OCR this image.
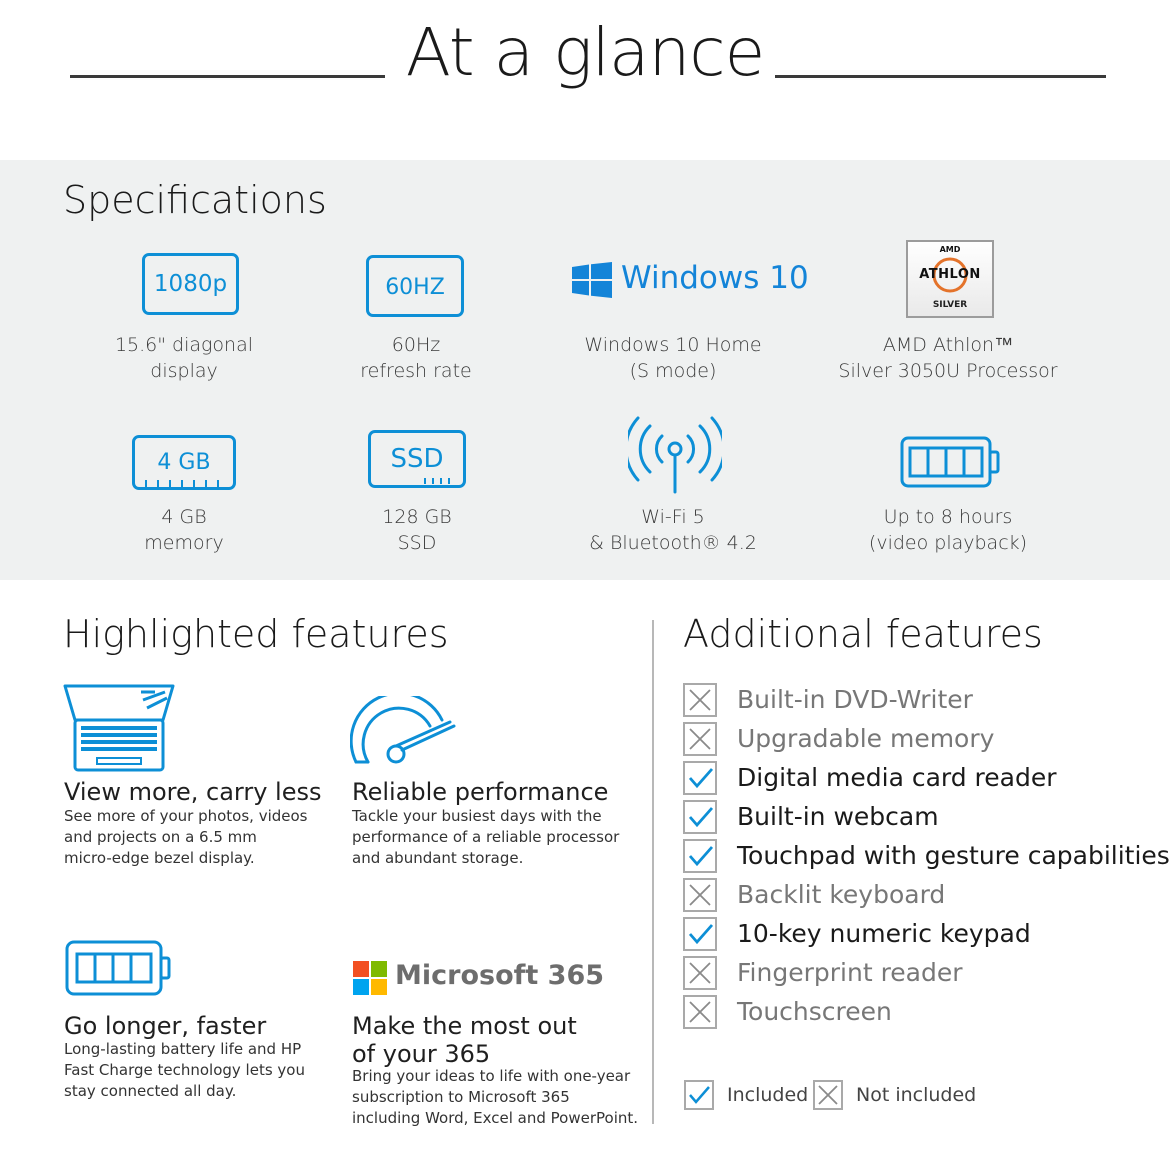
At a glance
Specifications
1080p
15.6" diagonal
display
60HZ
60Hz
refresh rate
Windows 10
Windows 10 Home
(S mode)
AMD
ATHLON
SILVER
AMD Athlon™
Silver 3050U Processor
4 GB
4 GB
memory
SSD
128 GB
SSD
Wi-Fi 5
& Bluetooth® 4.2
Up to 8 hours
(video playback)
Highlighted features
View more, carry less
See more of your photos, videos
and projects on a 6.5 mm
micro-edge bezel display.
Reliable performance
Tackle your busiest days with the
performance of a reliable processor
and abundant storage.
Go longer, faster
Long-lasting battery life and HP
Fast Charge technology lets you
stay connected all day.
Microsoft 365
Make the most out
of your 365
Bring your ideas to life with one-year
subscription to Microsoft 365
including Word, Excel and PowerPoint.
Additional features
Built-in DVD-Writer
Upgradable memory
Digital media card reader
Built-in webcam
Touchpad with gesture capabilities
Backlit keyboard
10-key numeric keypad
Fingerprint reader
Touchscreen
Included	Not included
